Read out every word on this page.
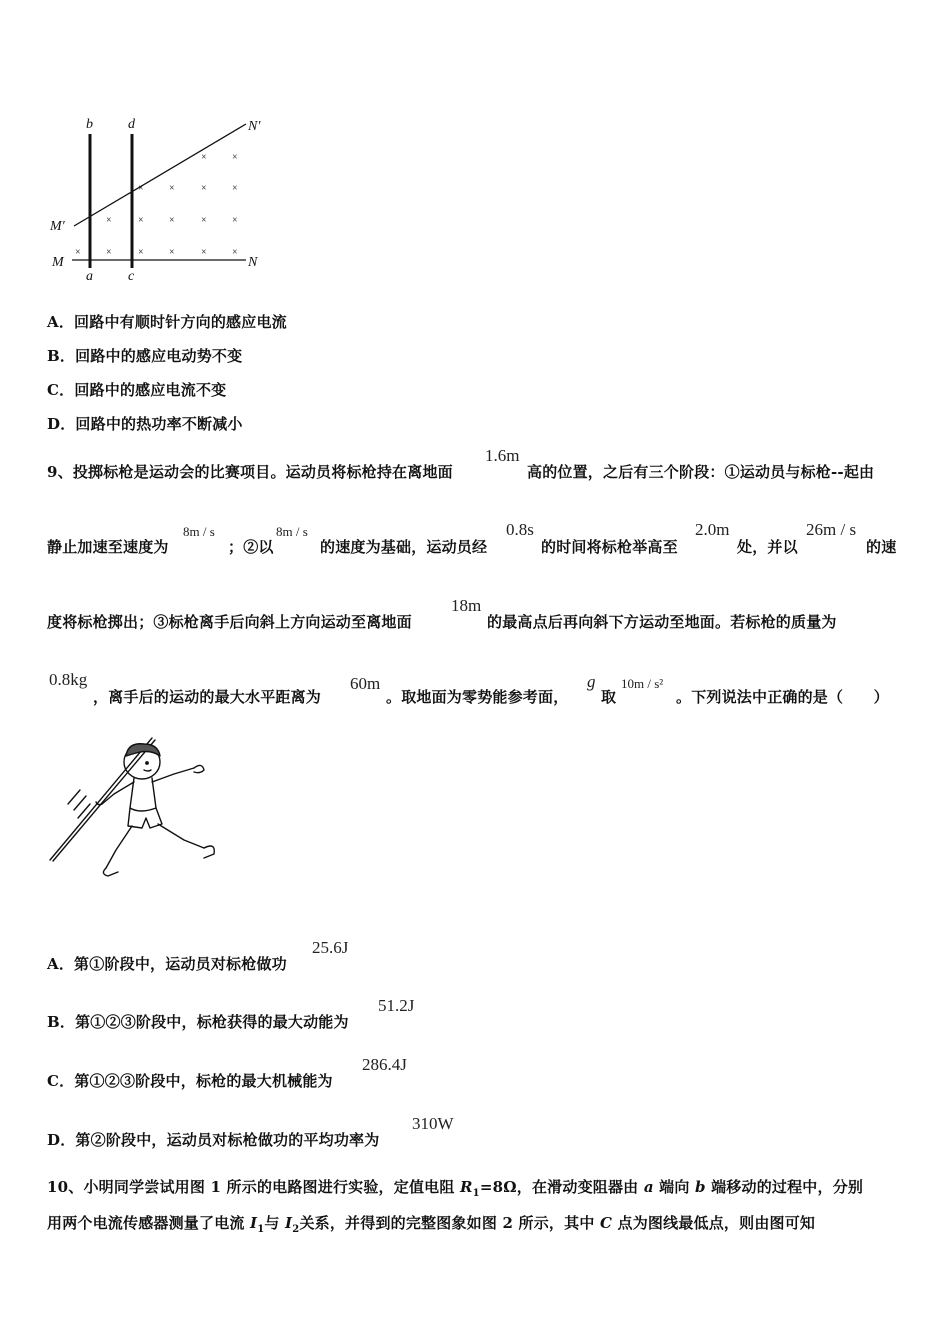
b	d	N′
M′
M	N
a	c
×	×
×	×	×	×
×	×	×	×	×
×	×	×	×	×	×
A．回路中有顺时针方向的感应电流
B．回路中的感应电动势不变
C．回路中的感应电流不变
D．回路中的热功率不断减小
9、投掷标枪是运动会的比赛项目。运动员将标枪持在离地面
1.6m
高的位置，之后有三个阶段：①运动员与标枪--起由
静止加速至速度为
8m / s
；②以
8m / s
的速度为基础，运动员经
0.8s
的时间将标枪举高至
2.0m
处，并以
26m / s
的速
度将标枪掷出；③标枪离手后向斜上方向运动至离地面
18m
的最高点后再向斜下方运动至地面。若标枪的质量为
0.8kg
，离手后的运动的最大水平距离为
60m
。取地面为零势能参考面，
g
取
10m / s²
。下列说法中正确的是（　　）
A．第①阶段中，运动员对标枪做功
25.6J
B．第①②③阶段中，标枪获得的最大动能为
51.2J
C．第①②③阶段中，标枪的最大机械能为
286.4J
D．第②阶段中，运动员对标枪做功的平均功率为
310W
10、小明同学尝试用图 1 所示的电路图进行实验，定值电阻 $R_1=8\Omega$，在滑动变阻器由 a 端向 b 端移动的过程中，分别
用两个电流传感器测量了电流 $I_1$与 $I_2$关系，并得到的完整图象如图 2 所示，其中 C 点为图线最低点，则由图可知
